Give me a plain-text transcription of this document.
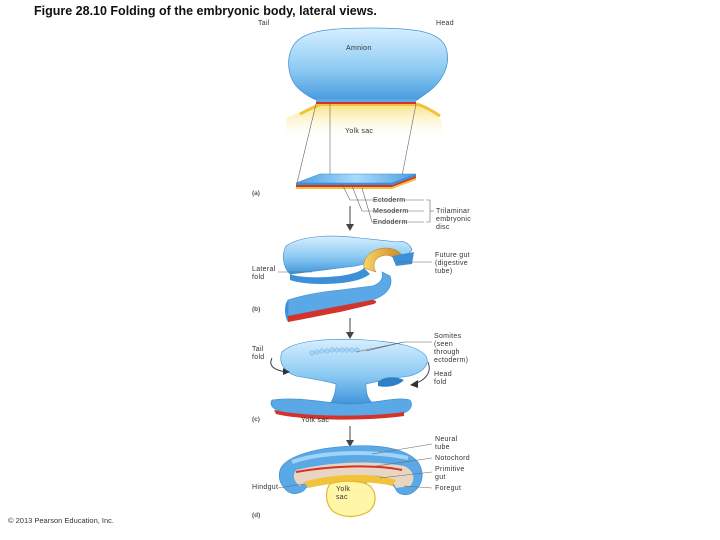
Figure 28.10 Folding of the embryonic body, lateral views.
Tail	Head
Amnion
Yolk sac
(a)
Ectoderm
Mesoderm
Endoderm
Trilaminar
embryonic
disc
Future gut
(digestive
tube)
Lateral
fold
(b)
Somites
(seen
through
ectoderm)
Tail
fold
Head
fold
(c)	Yolk sac
Neural
tube
Notochord
Primitive
gut
Hindgut	Yolk
sac
Foregut
(d)
© 2013 Pearson Education, Inc.
